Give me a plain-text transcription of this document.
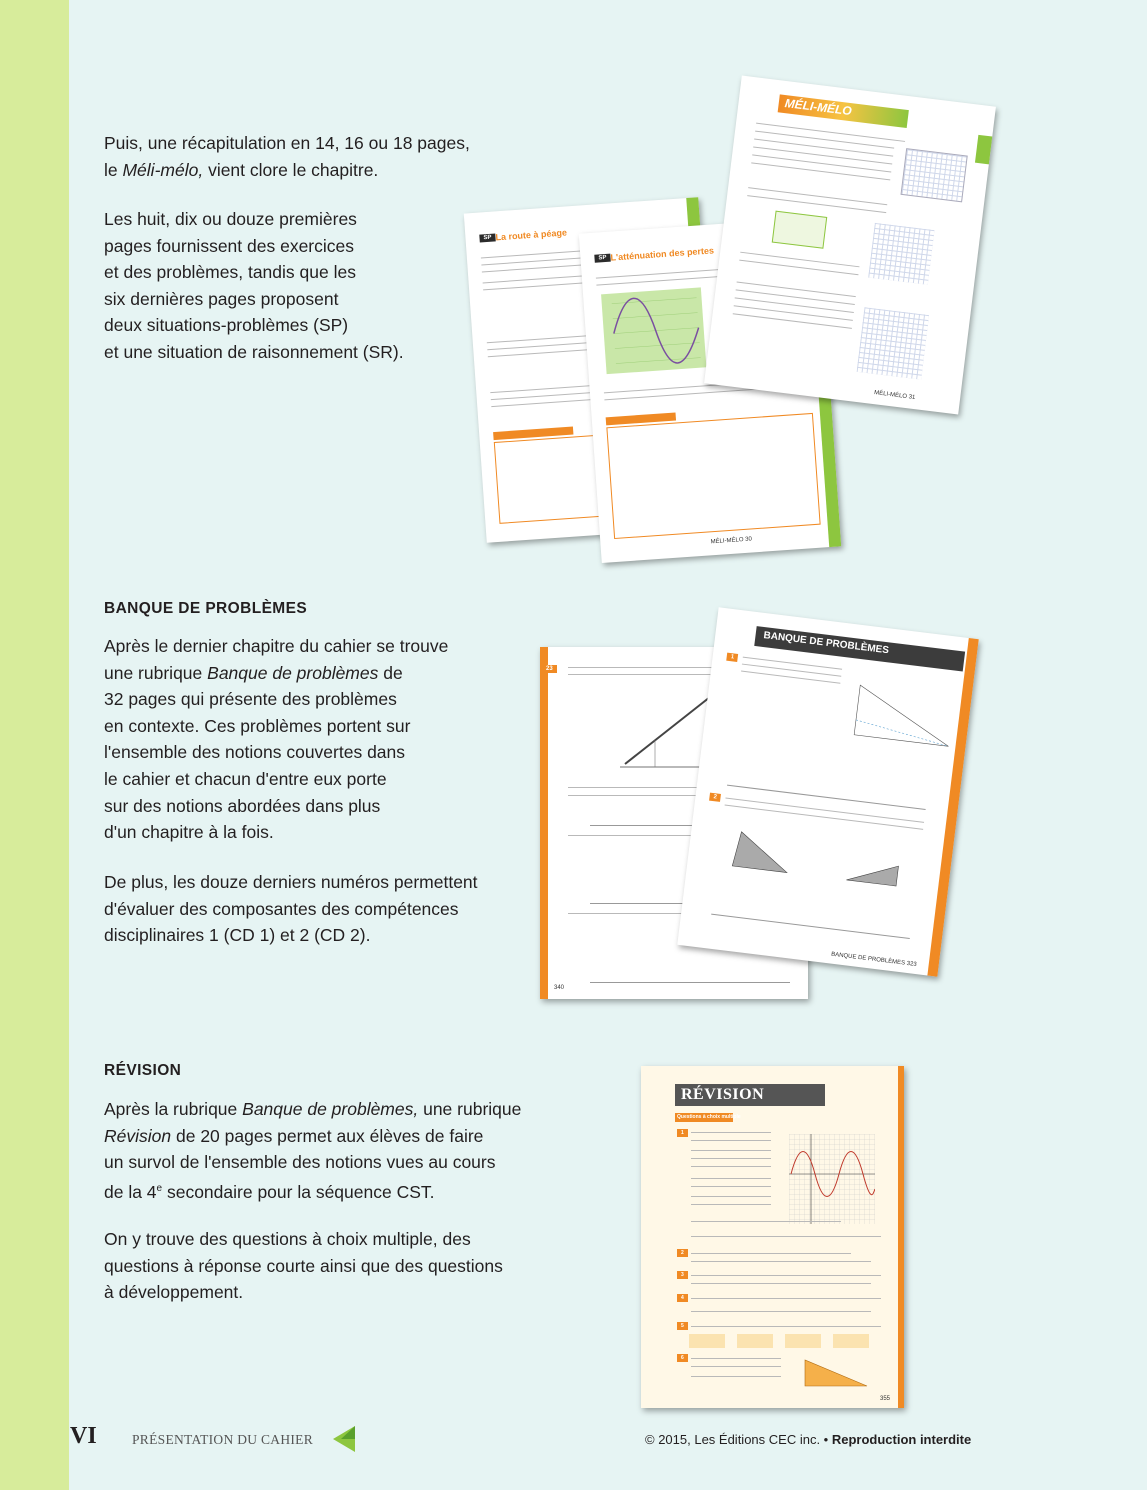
Puis, une récapitulation en 14, 16 ou 18 pages,

le Méli-mélo, vient clore le chapitre.

Les huit, dix ou douze premières

pages fournissent des exercices

et des problèmes, tandis que les

six dernières pages proposent

deux situations-problèmes (SP)

et une situation de raisonnement (SR).

SP La route à péage
SP L'atténuation des pertes
MÉLI-MÉLO 30
MÉLI-MÉLO
MÉLI-MÉLO 31
BANQUE DE PROBLÈMES

Après le dernier chapitre du cahier se trouve

une rubrique Banque de problèmes de

32 pages qui présente des problèmes

en contexte. Ces problèmes portent sur

l'ensemble des notions couvertes dans

le cahier et chacun d'entre eux porte

sur des notions abordées dans plus

d'un chapitre à la fois.

De plus, les douze derniers numéros permettent

d'évaluer des composantes des compétences

disciplinaires 1 (CD 1) et 2 (CD 2).

23
340
BANQUE DE PROBLÈMES
1
2
BANQUE DE PROBLÈMES 323
RÉVISION

Après la rubrique Banque de problèmes, une rubrique

Révision de 20 pages permet aux élèves de faire

un survol de l'ensemble des notions vues au cours

de la 4e secondaire pour la séquence CST.

On y trouve des questions à choix multiple, des

questions à réponse courte ainsi que des questions

à développement.

RÉVISION
Questions à choix multiple
1
2
3
4
5
6
355
VI	PRÉSENTATION DU CAHIER	© 2015, Les Éditions CEC inc. • Reproduction interdite
